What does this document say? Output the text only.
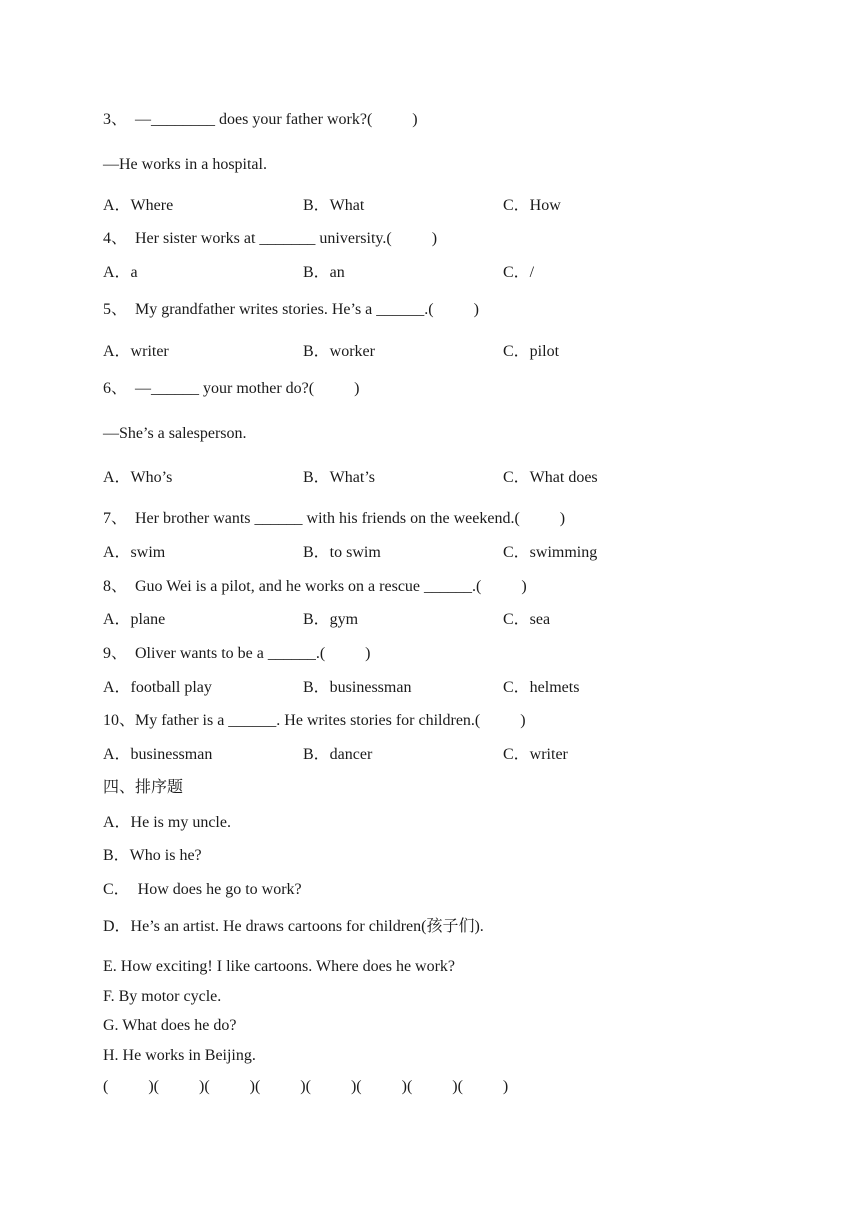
3、  —________ does your father work?(          )
—He works in a hospital.
A．Where	B．What	C．How
4、  Her sister works at _______ university.(          )
A．a	B．an	C．/
5、  My grandfather writes stories. He’s a ______.(          )
A．writer	B．worker	C．pilot
6、  —______ your mother do?(          )
—She’s a salesperson.
A．Who’s	B．What’s	C．What does
7、  Her brother wants ______ with his friends on the weekend.(          )
A．swim	B．to swim	C．swimming
8、  Guo Wei is a pilot, and he works on a rescue ______.(          )
A．plane	B．gym	C．sea
9、  Oliver wants to be a ______.(          )
A．football play	B．businessman	C．helmets
10、My father is a ______. He writes stories for children.(          )
A．businessman	B．dancer	C．writer
四、排序题
A．He is my uncle.
B．Who is he?
C．  How does he go to work?
D．He’s an artist. He draws cartoons for children(孩子们).
E. How exciting! I like cartoons. Where does he work?
F. By motor cycle.
G. What does he do?
H. He works in Beijing.
(          )(          )(          )(          )(          )(          )(          )(          )
